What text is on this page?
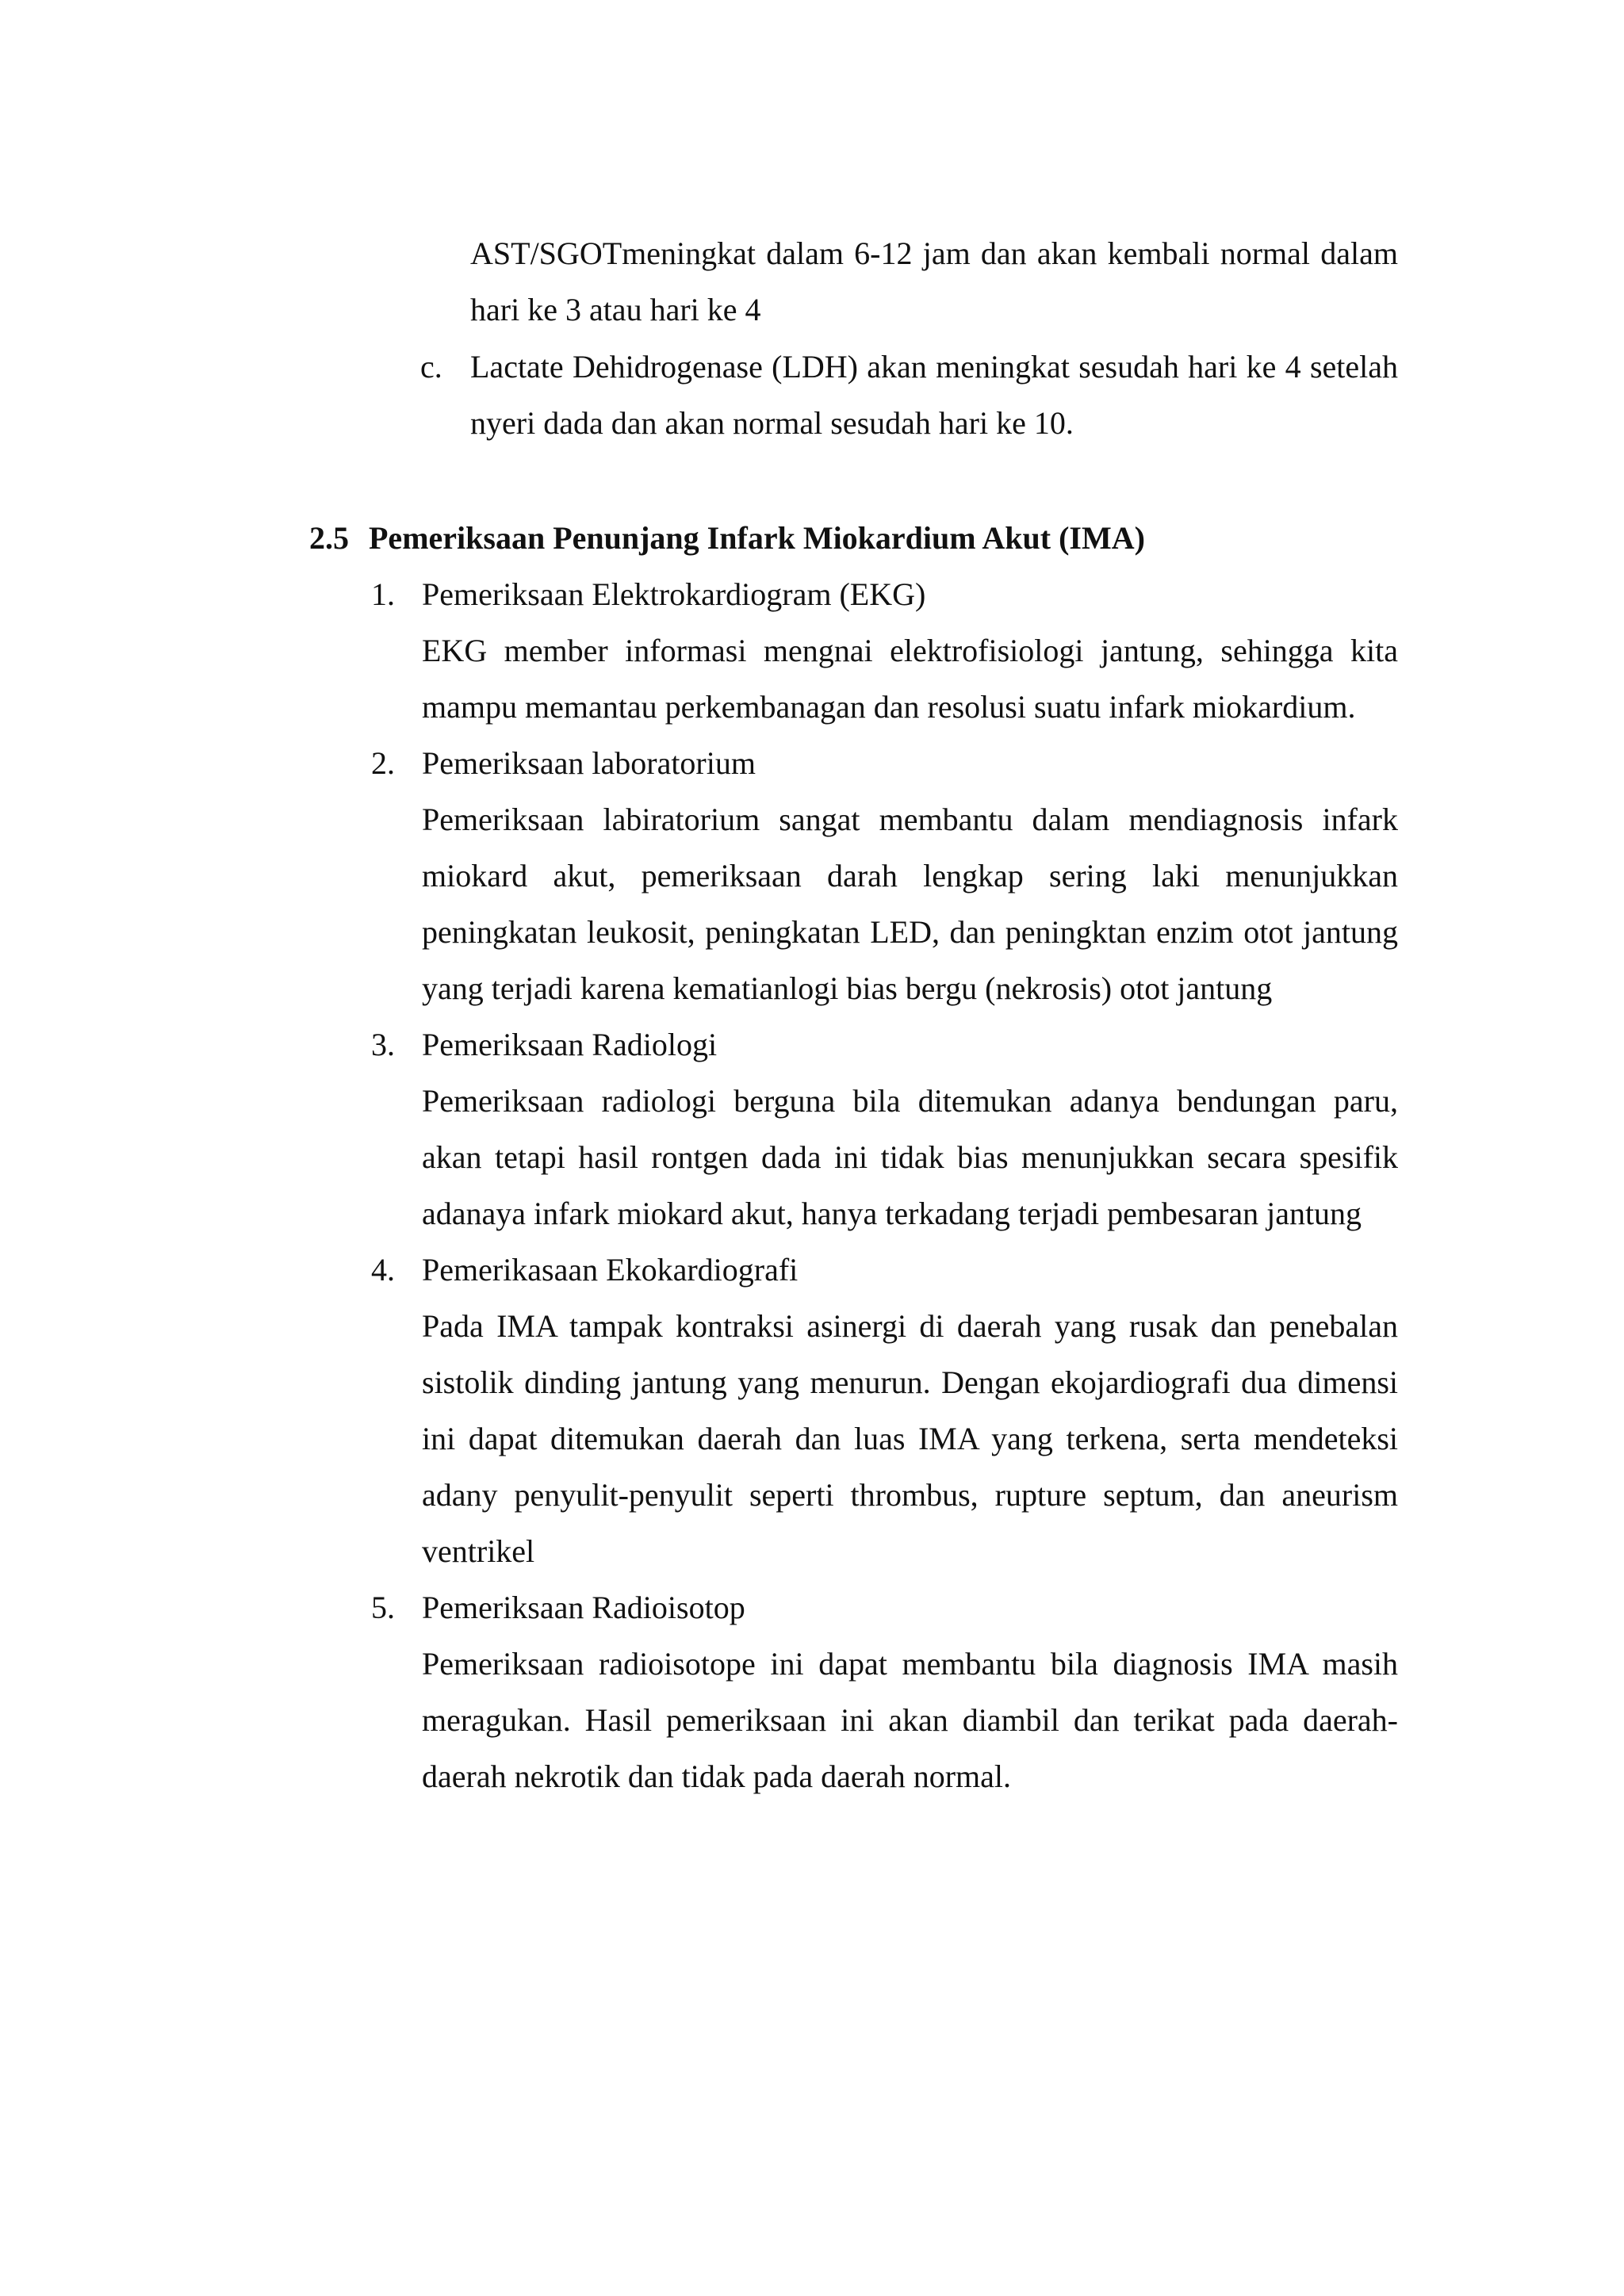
AST/SGOTmeningkat dalam 6-12 jam dan akan kembali normal dalam hari ke 3 atau hari ke 4
c. Lactate Dehidrogenase (LDH) akan meningkat sesudah hari ke 4 setelah nyeri dada dan akan normal sesudah hari ke 10.
2.5 Pemeriksaan Penunjang Infark Miokardium Akut (IMA)
1. Pemeriksaan Elektrokardiogram (EKG)
EKG member informasi mengnai elektrofisiologi jantung, sehingga kita mampu memantau perkembanagan dan resolusi suatu infark miokardium.
2. Pemeriksaan laboratorium
Pemeriksaan labiratorium sangat membantu dalam mendiagnosis infark miokard akut, pemeriksaan darah lengkap sering laki menunjukkan peningkatan leukosit, peningkatan LED, dan peningktan enzim otot jantung yang terjadi karena kematianlogi bias bergu (nekrosis) otot jantung
3. Pemeriksaan Radiologi
Pemeriksaan radiologi berguna bila ditemukan adanya bendungan paru, akan tetapi hasil rontgen dada ini tidak bias menunjukkan secara spesifik adanaya infark miokard akut, hanya terkadang terjadi pembesaran jantung
4. Pemerikasaan Ekokardiografi
Pada IMA tampak kontraksi asinergi di daerah yang rusak dan penebalan sistolik dinding jantung yang menurun. Dengan ekojardiografi dua dimensi ini dapat ditemukan daerah dan luas IMA yang terkena, serta mendeteksi adany penyulit-penyulit seperti thrombus, rupture septum, dan aneurism ventrikel
5. Pemeriksaan Radioisotop
Pemeriksaan radioisotope ini dapat membantu bila diagnosis IMA masih meragukan. Hasil pemeriksaan ini akan diambil dan terikat pada daerah-daerah nekrotik dan tidak pada daerah normal.
